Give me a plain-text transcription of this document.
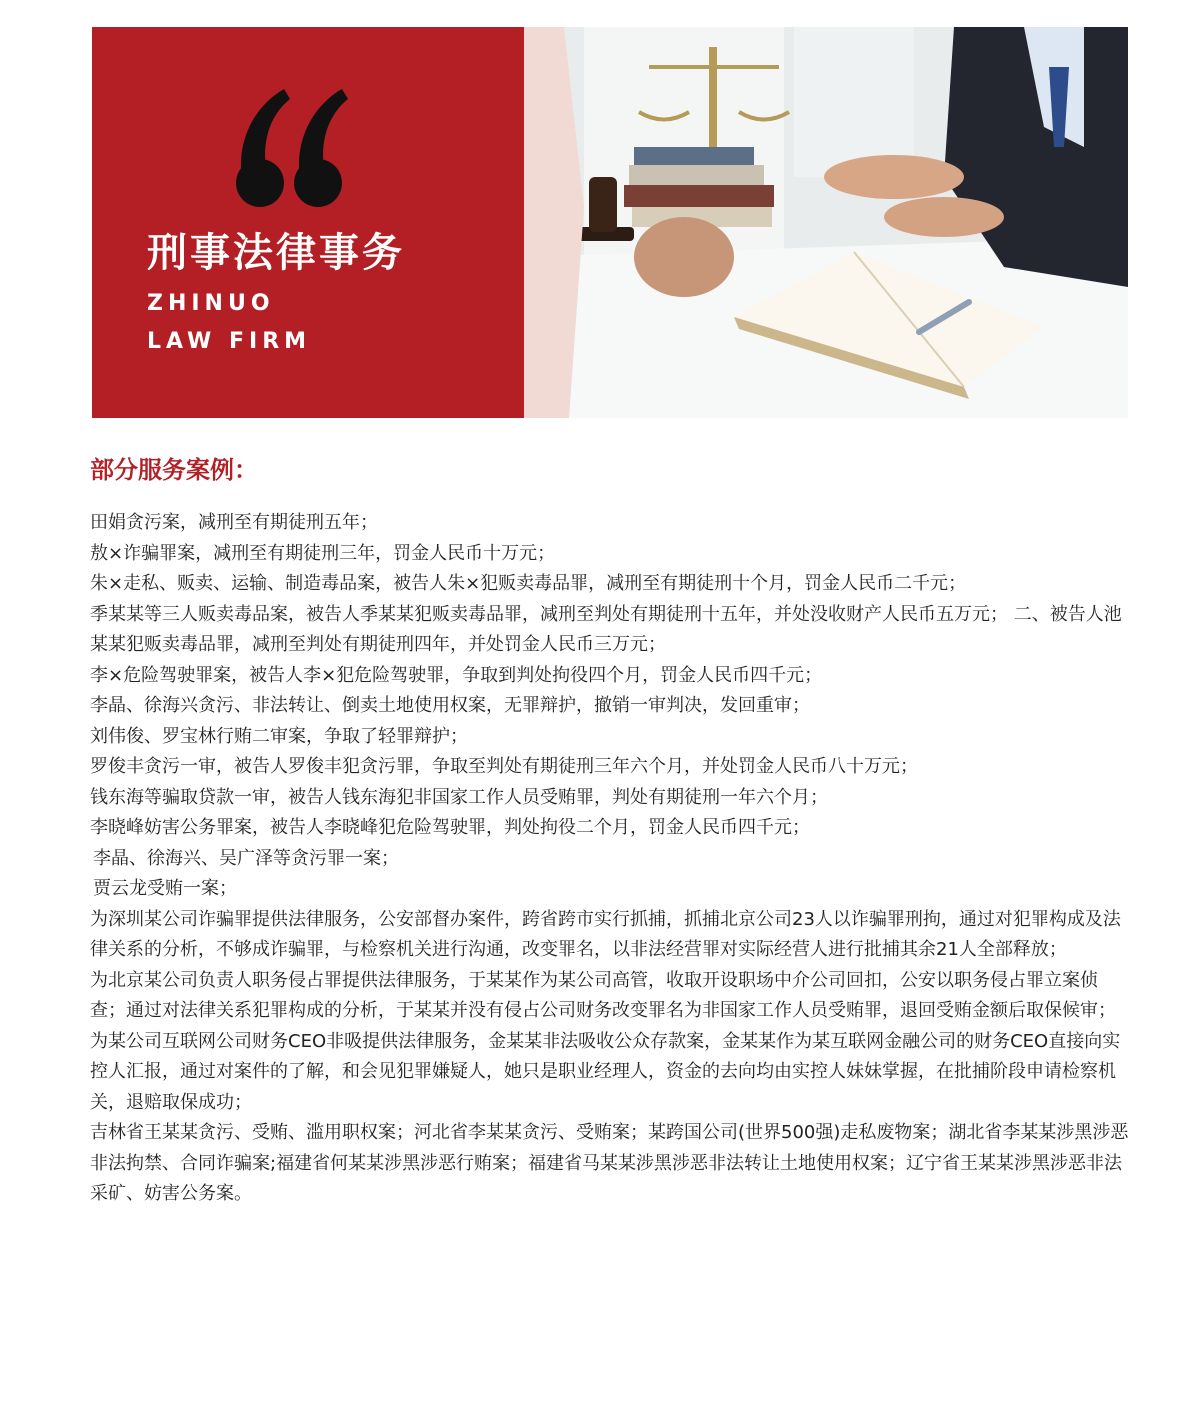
刑事法律事务
ZHINUO
LAW FIRM
部分服务案例：

田娟贪污案，减刑至有期徒刑五年；

敖×诈骗罪案，减刑至有期徒刑三年，罚金人民币十万元；

朱×走私、贩卖、运输、制造毒品案，被告人朱×犯贩卖毒品罪，减刑至有期徒刑十个月，罚金人民币二千元；

季某某等三人贩卖毒品案，被告人季某某犯贩卖毒品罪，减刑至判处有期徒刑十五年，并处没收财产人民币五万元； 二、被告人池某某犯贩卖毒品罪，减刑至判处有期徒刑四年，并处罚金人民币三万元；

李×危险驾驶罪案，被告人李×犯危险驾驶罪，争取到判处拘役四个月，罚金人民币四千元；

李晶、徐海兴贪污、非法转让、倒卖土地使用权案，无罪辩护，撤销一审判决，发回重审；

刘伟俊、罗宝林行贿二审案，争取了轻罪辩护；

罗俊丰贪污一审，被告人罗俊丰犯贪污罪，争取至判处有期徒刑三年六个月，并处罚金人民币八十万元；

钱东海等骗取贷款一审，被告人钱东海犯非国家工作人员受贿罪，判处有期徒刑一年六个月；

李晓峰妨害公务罪案，被告人李晓峰犯危险驾驶罪，判处拘役二个月，罚金人民币四千元；

李晶、徐海兴、吴广泽等贪污罪一案；

贾云龙受贿一案；

为深圳某公司诈骗罪提供法律服务，公安部督办案件，跨省跨市实行抓捕，抓捕北京公司23人以诈骗罪刑拘，通过对犯罪构成及法律关系的分析，不够成诈骗罪，与检察机关进行沟通，改变罪名，以非法经营罪对实际经营人进行批捕其余21人全部释放；

为北京某公司负责人职务侵占罪提供法律服务，于某某作为某公司高管，收取开设职场中介公司回扣，公安以职务侵占罪立案侦查；通过对法律关系犯罪构成的分析，于某某并没有侵占公司财务改变罪名为非国家工作人员受贿罪，退回受贿金额后取保候审；

为某公司互联网公司财务CEO非吸提供法律服务，金某某非法吸收公众存款案，金某某作为某互联网金融公司的财务CEO直接向实控人汇报，通过对案件的了解，和会见犯罪嫌疑人，她只是职业经理人，资金的去向均由实控人妹妹掌握，在批捕阶段申请检察机关，退赔取保成功；

吉林省王某某贪污、受贿、滥用职权案；河北省李某某贪污、受贿案；某跨国公司(世界500强)走私废物案；湖北省李某某涉黑涉恶非法拘禁、合同诈骗案;福建省何某某涉黑涉恶行贿案；福建省马某某涉黑涉恶非法转让土地使用权案；辽宁省王某某涉黑涉恶非法采矿、妨害公务案。
